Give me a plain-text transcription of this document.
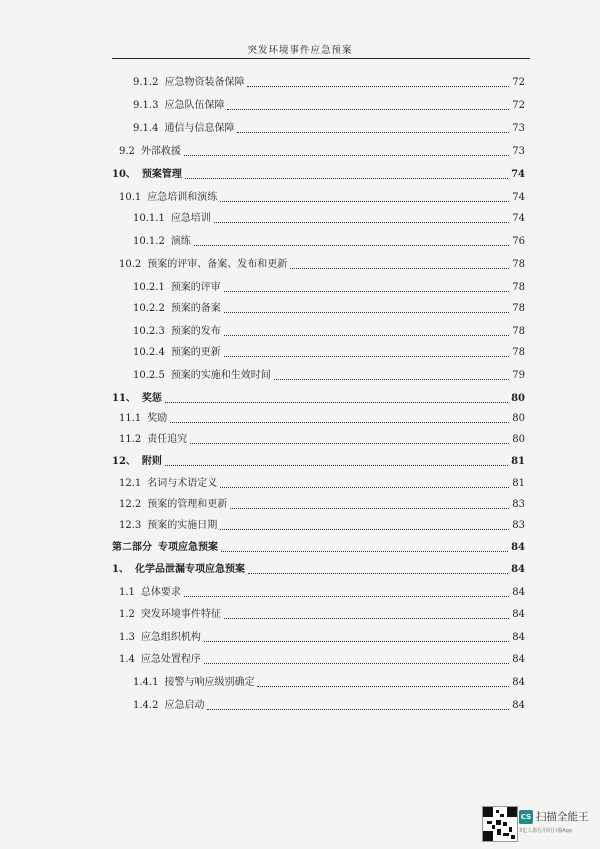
突发环境事件应急预案
9.1.2 应急物资装备保障	72
9.1.3 应急队伍保障	72
9.1.4 通信与信息保障	73
9.2 外部救援	73
10、 预案管理	74
10.1 应急培训和演练	74
10.1.1 应急培训	74
10.1.2 演练	76
10.2 预案的评审、备案、发布和更新	78
10.2.1 预案的评审	78
10.2.2 预案的备案	78
10.2.3 预案的发布	78
10.2.4 预案的更新	78
10.2.5 预案的实施和生效时间	79
11、 奖惩	80
11.1 奖励	80
11.2 责任追究	80
12、 附则	81
12.1 名词与术语定义	81
12.2 预案的管理和更新	83
12.3 预案的实施日期	83
第二部分 专项应急预案	84
1、 化学品泄漏专项应急预案	84
1.1 总体要求	84
1.2 突发环境事件特征	84
1.3 应急组织机构	84
1.4 应急处置程序	84
1.4.1 接警与响应级别确定	84
1.4.2 应急启动	84
CS 扫描全能王
3亿人都在用的扫描App
